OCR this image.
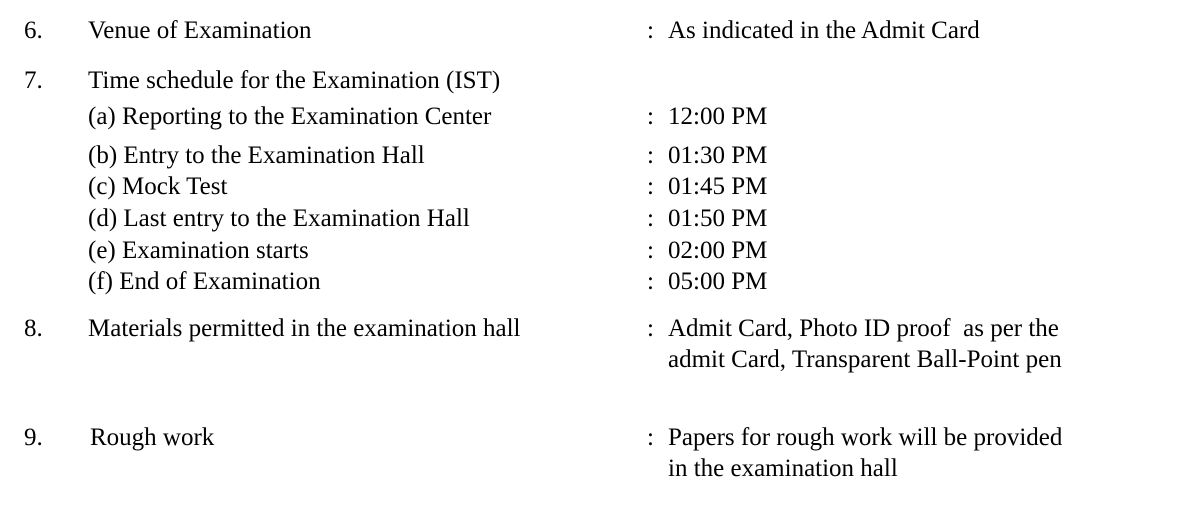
6. Venue of Examination	: As indicated in the Admit Card
7. Time schedule for the Examination (IST)
(a) Reporting to the Examination Center	: 12:00 PM
(b) Entry to the Examination Hall	: 01:30 PM
(c) Mock Test	: 01:45 PM
(d) Last entry to the Examination Hall	: 01:50 PM
(e) Examination starts	: 02:00 PM
(f) End of Examination	: 05:00 PM
8. Materials permitted in the examination hall	: Admit Card, Photo ID proof  as per the
admit Card, Transparent Ball-Point pen
9. Rough work	: Papers for rough work will be provided
in the examination hall
